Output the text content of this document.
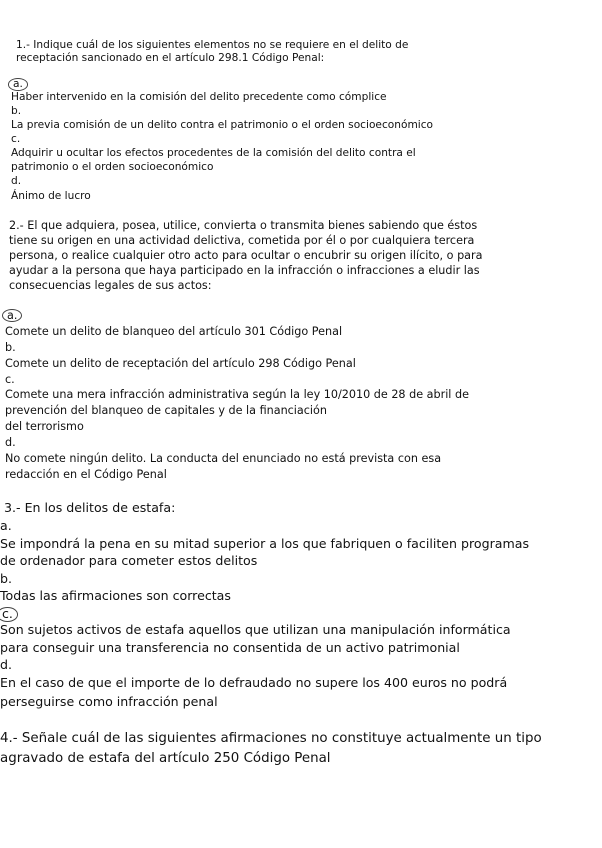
1.- Indique cuál de los siguientes elementos no se requiere en el delito de
receptación sancionado en el artículo 298.1 Código Penal:
a.
Haber intervenido en la comisión del delito precedente como cómplice
b.
La previa comisión de un delito contra el patrimonio o el orden socioeconómico
c.
Adquirir u ocultar los efectos procedentes de la comisión del delito contra el
patrimonio o el orden socioeconómico
d.
Ánimo de lucro
2.- El que adquiera, posea, utilice, convierta o transmita bienes sabiendo que éstos
tiene su origen en una actividad delictiva, cometida por él o por cualquiera tercera
persona, o realice cualquier otro acto para ocultar o encubrir su origen ilícito, o para
ayudar a la persona que haya participado en la infracción o infracciones a eludir las
consecuencias legales de sus actos:
a.
Comete un delito de blanqueo del artículo 301 Código Penal
b.
Comete un delito de receptación del artículo 298 Código Penal
c.
Comete una mera infracción administrativa según la ley 10/2010 de 28 de abril de
prevención del blanqueo de capitales y de la financiación
del terrorismo
d.
No comete ningún delito. La conducta del enunciado no está prevista con esa
redacción en el Código Penal
3.- En los delitos de estafa:
a.
Se impondrá la pena en su mitad superior a los que fabriquen o faciliten programas
de ordenador para cometer estos delitos
b.
Todas las afirmaciones son correctas
c.
Son sujetos activos de estafa aquellos que utilizan una manipulación informática
para conseguir una transferencia no consentida de un activo patrimonial
d.
En el caso de que el importe de lo defraudado no supere los 400 euros no podrá
perseguirse como infracción penal
4.- Señale cuál de las siguientes afirmaciones no constituye actualmente un tipo
agravado de estafa del artículo 250 Código Penal
